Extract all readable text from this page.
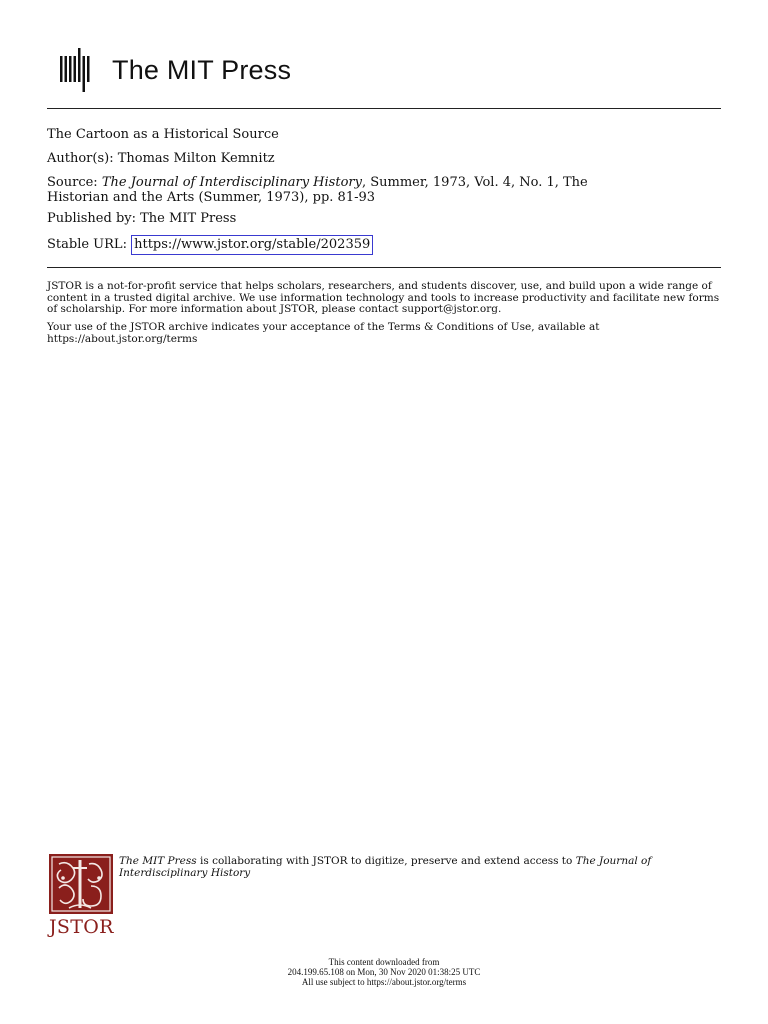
The MIT Press
The Cartoon as a Historical Source
Author(s): Thomas Milton Kemnitz
Source: The Journal of Interdisciplinary History, Summer, 1973, Vol. 4, No. 1, The
Historian and the Arts (Summer, 1973), pp. 81-93
Published by: The MIT Press
Stable URL: https://www.jstor.org/stable/202359
JSTOR is a not-for-profit service that helps scholars, researchers, and students discover, use, and build upon a wide range of content in a trusted digital archive. We use information technology and tools to increase productivity and facilitate new forms of scholarship. For more information about JSTOR, please contact support@jstor.org.
Your use of the JSTOR archive indicates your acceptance of the Terms & Conditions of Use, available at
https://about.jstor.org/terms
JSTOR
The MIT Press is collaborating with JSTOR to digitize, preserve and extend access to The Journal of Interdisciplinary History
This content downloaded from
204.199.65.108 on Mon, 30 Nov 2020 01:38:25 UTC
All use subject to https://about.jstor.org/terms
